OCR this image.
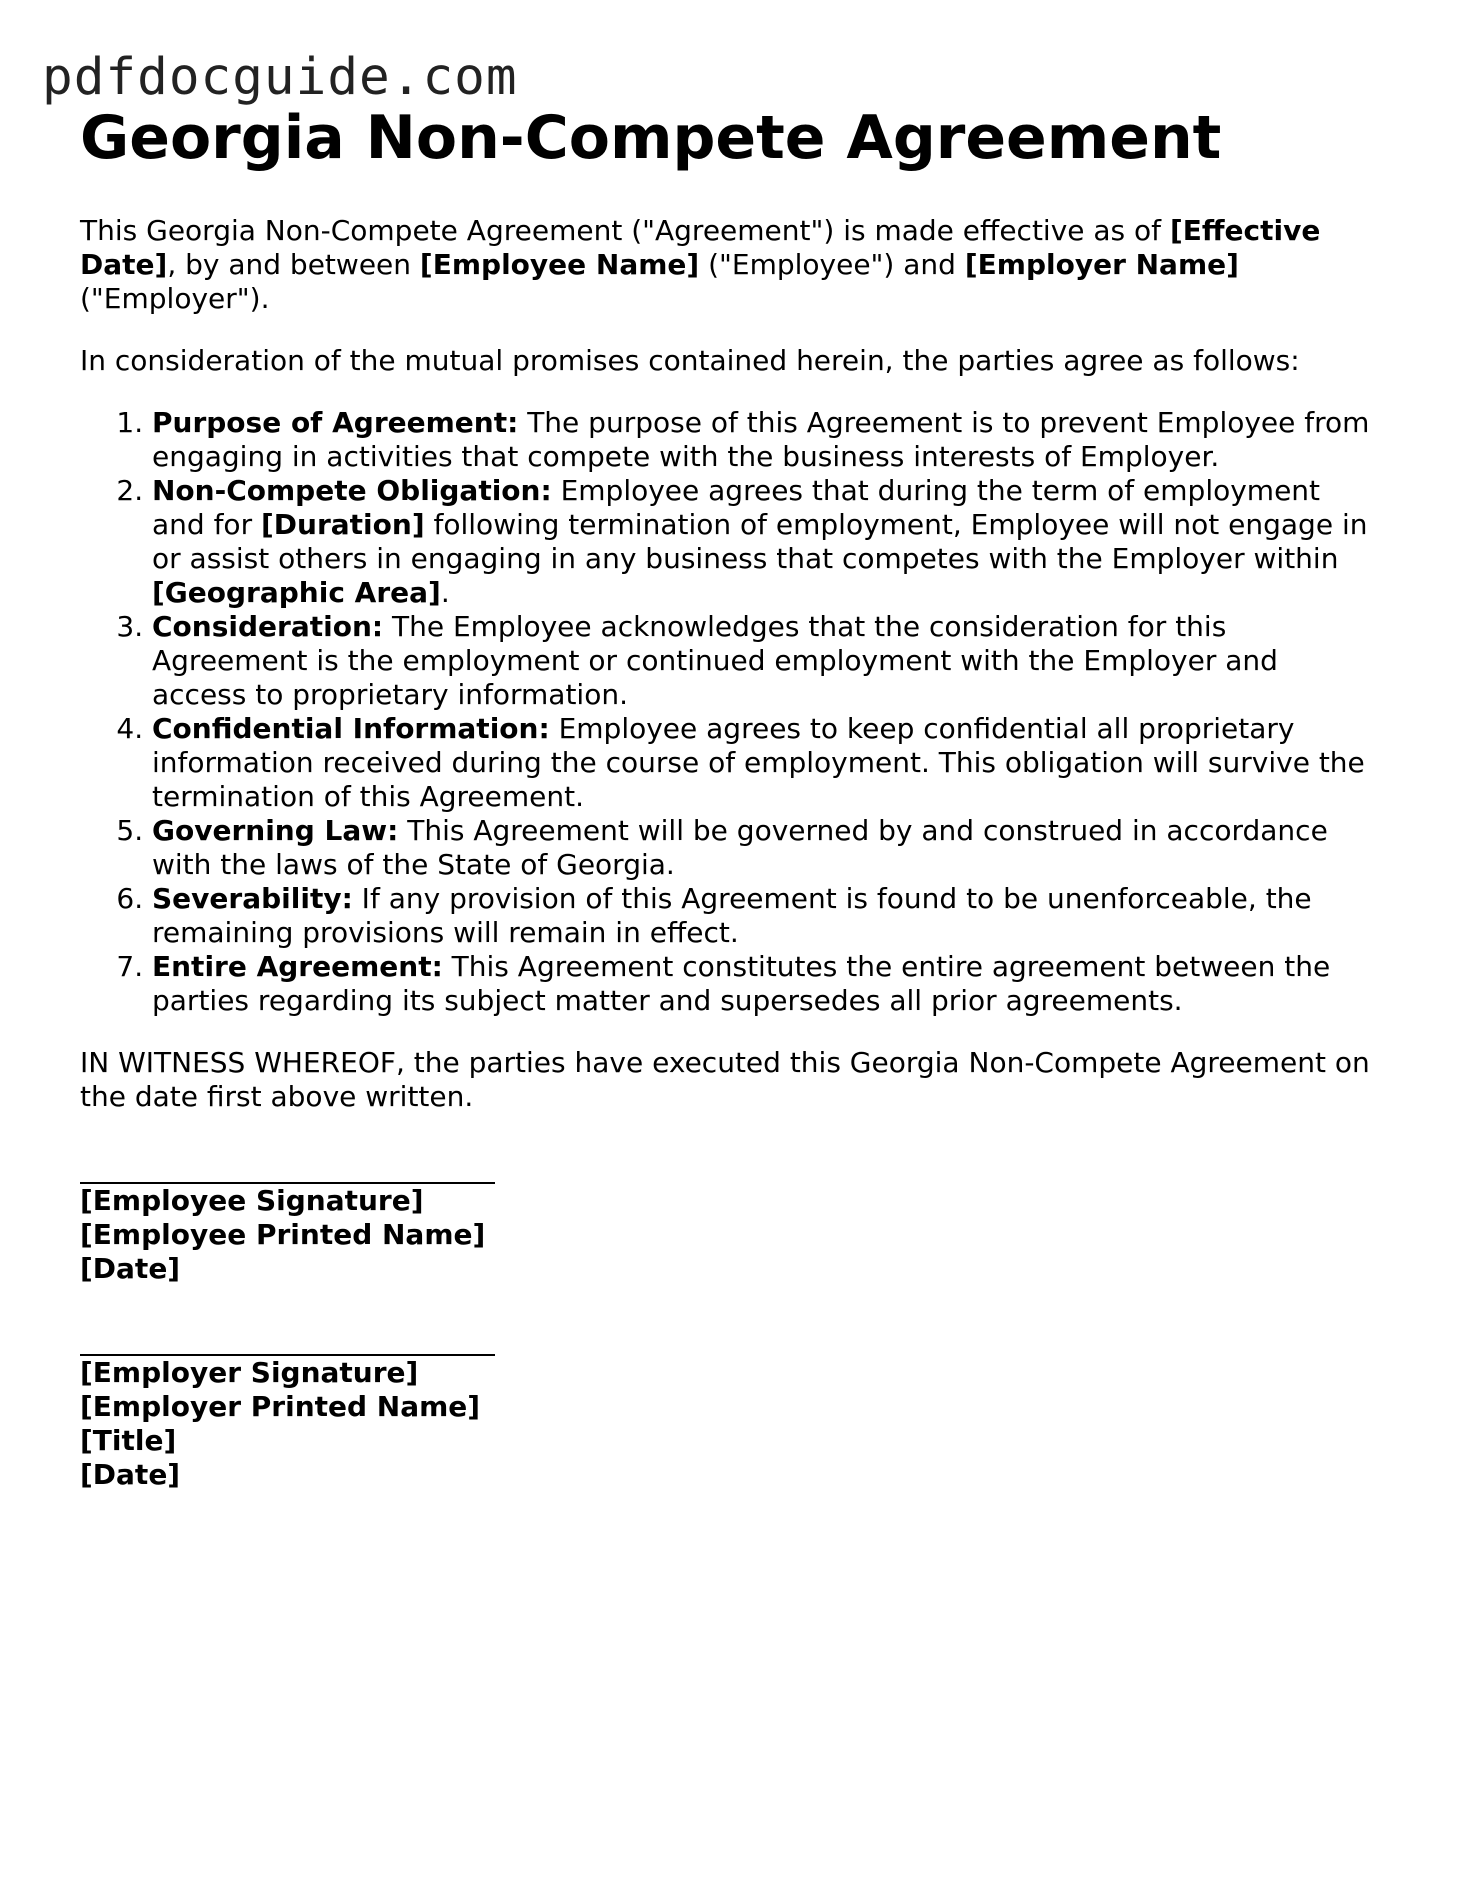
pdfdocguide.com
Georgia Non-Compete Agreement

This Georgia Non-Compete Agreement ("Agreement") is made effective as of [Effective Date], by and between [Employee Name] ("Employee") and [Employer Name] ("Employer").

In consideration of the mutual promises contained herein, the parties agree as follows:

1. Purpose of Agreement: The purpose of this Agreement is to prevent Employee from engaging in activities that compete with the business interests of Employer.
2. Non-Compete Obligation: Employee agrees that during the term of employment and for [Duration] following termination of employment, Employee will not engage in or assist others in engaging in any business that competes with the Employer within [Geographic Area].
3. Consideration: The Employee acknowledges that the consideration for this Agreement is the employment or continued employment with the Employer and access to proprietary information.
4. Confidential Information: Employee agrees to keep confidential all proprietary information received during the course of employment. This obligation will survive the termination of this Agreement.
5. Governing Law: This Agreement will be governed by and construed in accordance with the laws of the State of Georgia.
6. Severability: If any provision of this Agreement is found to be unenforceable, the remaining provisions will remain in effect.
7. Entire Agreement: This Agreement constitutes the entire agreement between the parties regarding its subject matter and supersedes all prior agreements.

IN WITNESS WHEREOF, the parties have executed this Georgia Non-Compete Agreement on the date first above written.

[Employee Signature]
[Employee Printed Name]
[Date]
[Employer Signature]
[Employer Printed Name]
[Title]
[Date]
